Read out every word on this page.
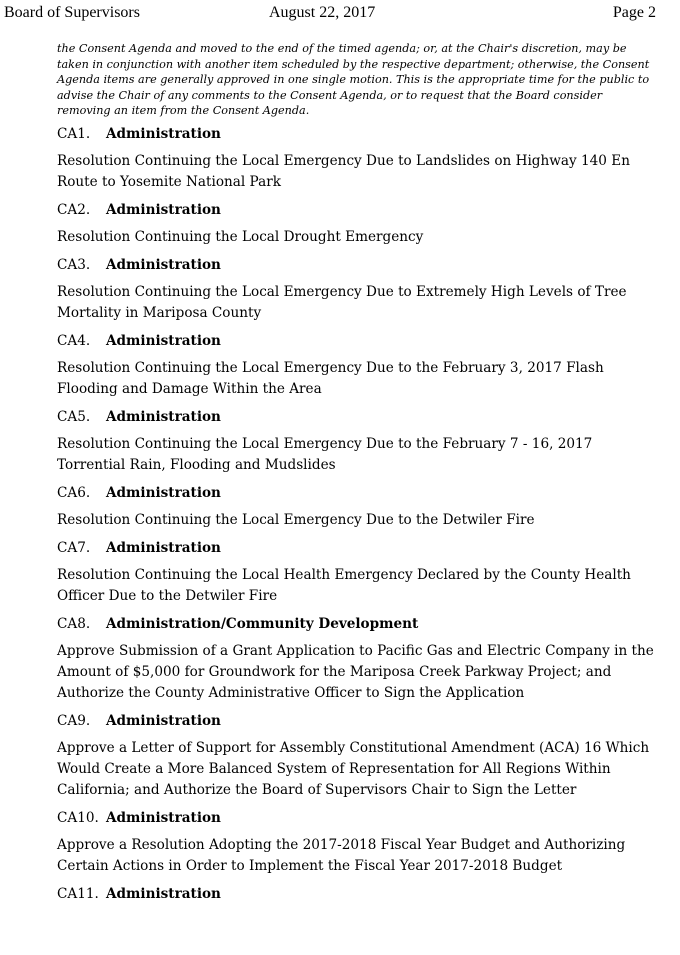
Board of Supervisors	August 22, 2017	Page 2

the Consent Agenda and moved to the end of the timed agenda; or, at the Chair's discretion, may be taken in conjunction with another item scheduled by the respective department; otherwise, the Consent Agenda items are generally approved in one single motion. This is the appropriate time for the public to advise the Chair of any comments to the Consent Agenda, or to request that the Board consider removing an item from the Consent Agenda.

CA1. Administration

Resolution Continuing the Local Emergency Due to Landslides on Highway 140 En Route to Yosemite National Park

CA2. Administration

Resolution Continuing the Local Drought Emergency

CA3. Administration

Resolution Continuing the Local Emergency Due to Extremely High Levels of Tree Mortality in Mariposa County

CA4. Administration

Resolution Continuing the Local Emergency Due to the February 3, 2017 Flash Flooding and Damage Within the Area

CA5. Administration

Resolution Continuing the Local Emergency Due to the February 7 - 16, 2017 Torrential Rain, Flooding and Mudslides

CA6. Administration

Resolution Continuing the Local Emergency Due to the Detwiler Fire

CA7. Administration

Resolution Continuing the Local Health Emergency Declared by the County Health Officer Due to the Detwiler Fire

CA8. Administration/Community Development

Approve Submission of a Grant Application to Pacific Gas and Electric Company in the Amount of $5,000 for Groundwork for the Mariposa Creek Parkway Project; and Authorize the County Administrative Officer to Sign the Application

CA9. Administration

Approve a Letter of Support for Assembly Constitutional Amendment (ACA) 16 Which Would Create a More Balanced System of Representation for All Regions Within California; and Authorize the Board of Supervisors Chair to Sign the Letter

CA10. Administration

Approve a Resolution Adopting the 2017-2018 Fiscal Year Budget and Authorizing Certain Actions in Order to Implement the Fiscal Year 2017-2018 Budget

CA11. Administration
